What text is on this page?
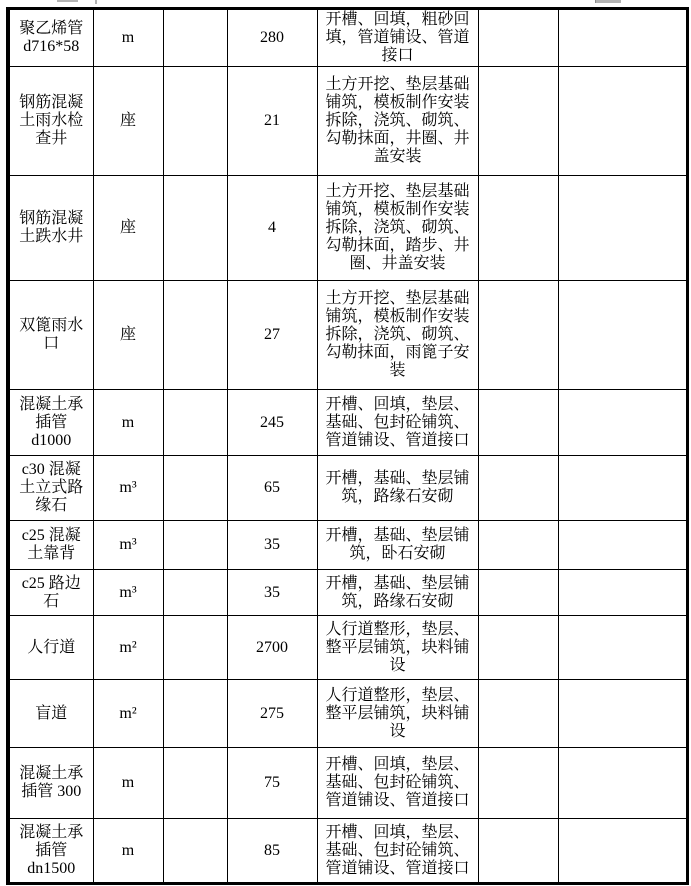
聚乙烯管d716*58	m		280	开槽、回填，粗砂回填，管道铺设、管道接口		
钢筋混凝土雨水检查井	座		21	土方开挖、垫层基础铺筑，模板制作安装拆除，浇筑、砌筑、勾勒抹面，井圈、井盖安装		
钢筋混凝土跌水井	座		4	土方开挖、垫层基础铺筑，模板制作安装拆除，浇筑、砌筑、勾勒抹面，踏步、井圈、井盖安装		
双篦雨水口	座		27	土方开挖、垫层基础铺筑，模板制作安装拆除，浇筑、砌筑、勾勒抹面，雨篦子安装		
混凝土承插管 d1000	m		245	开槽、回填，垫层、基础、包封砼铺筑、管道铺设、管道接口		
c30 混凝土立式路缘石	m³		65	开槽，基础、垫层铺筑，路缘石安砌		
c25 混凝土靠背	m³		35	开槽，基础、垫层铺筑，卧石安砌		
c25 路边石	m³		35	开槽，基础、垫层铺筑，路缘石安砌		
人行道	m²		2700	人行道整形，垫层、整平层铺筑，块料铺设		
盲道	m²		275	人行道整形，垫层、整平层铺筑，块料铺设		
混凝土承插管 300	m		75	开槽、回填，垫层、基础、包封砼铺筑、管道铺设、管道接口		
混凝土承插管 dn1500	m		85	开槽、回填，垫层、基础、包封砼铺筑、管道铺设、管道接口		
